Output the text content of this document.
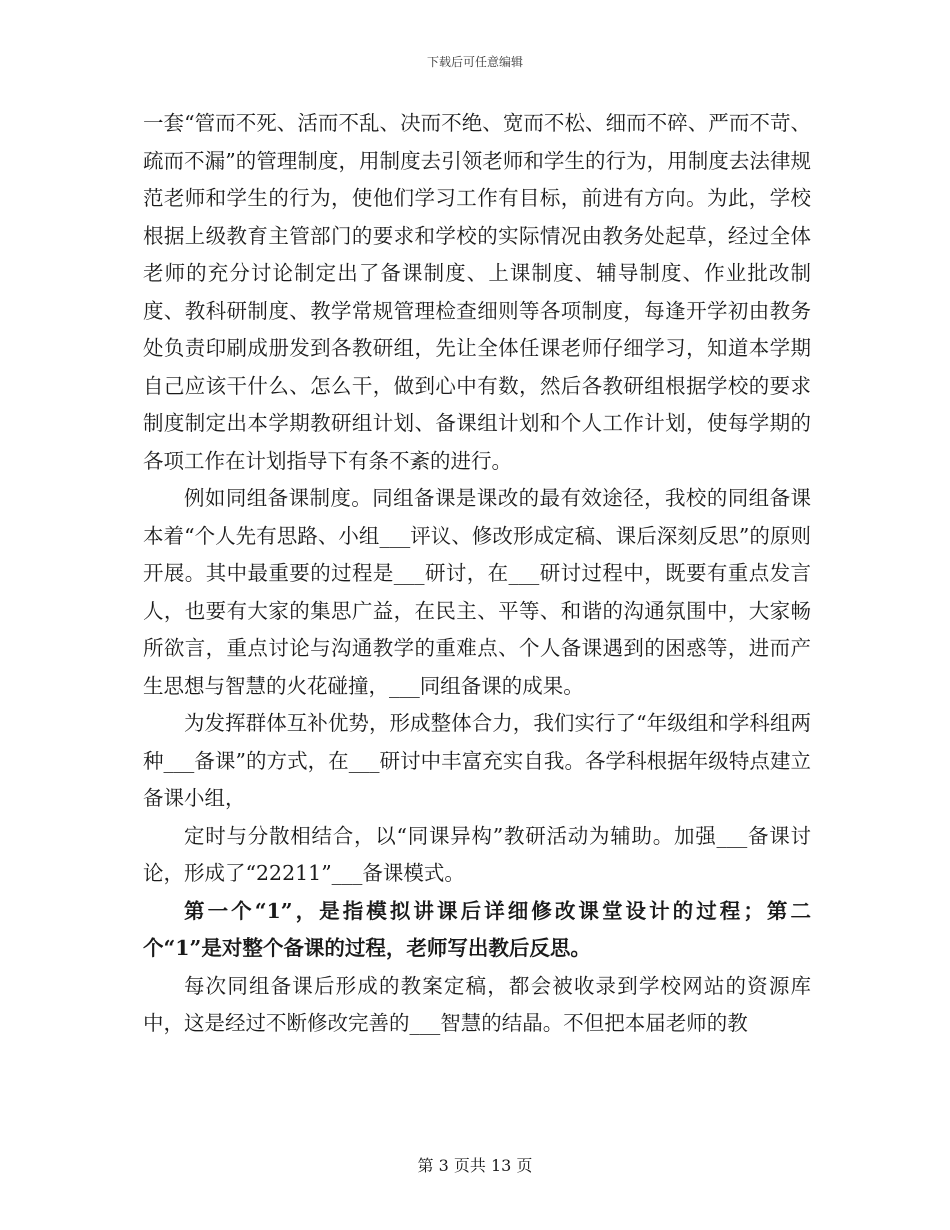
下载后可任意编辑

一套“管而不死、活而不乱、决而不绝、宽而不松、细而不碎、严而不苛、疏而不漏”的管理制度，用制度去引领老师和学生的行为，用制度去法律规范老师和学生的行为，使他们学习工作有目标，前进有方向。为此，学校根据上级教育主管部门的要求和学校的实际情况由教务处起草，经过全体老师的充分讨论制定出了备课制度、上课制度、辅导制度、作业批改制度、教科研制度、教学常规管理检查细则等各项制度，每逢开学初由教务处负责印刷成册发到各教研组，先让全体任课老师仔细学习，知道本学期自己应该干什么、怎么干，做到心中有数，然后各教研组根据学校的要求制度制定出本学期教研组计划、备课组计划和个人工作计划，使每学期的各项工作在计划指导下有条不紊的进行。

例如同组备课制度。同组备课是课改的最有效途径，我校的同组备课本着“个人先有思路、小组___评议、修改形成定稿、课后深刻反思”的原则开展。其中最重要的过程是___研讨，在___研讨过程中，既要有重点发言人，也要有大家的集思广益，在民主、平等、和谐的沟通氛围中，大家畅所欲言，重点讨论与沟通教学的重难点、个人备课遇到的困惑等，进而产生思想与智慧的火花碰撞，___同组备课的成果。

为发挥群体互补优势，形成整体合力，我们实行了“年级组和学科组两种___备课”的方式，在___研讨中丰富充实自我。各学科根据年级特点建立备课小组，

定时与分散相结合，以“同课异构”教研活动为辅助。加强___备课讨论，形成了“22211”___备课模式。

第一个“1”，是指模拟讲课后详细修改课堂设计的过程；第二个“1”是对整个备课的过程，老师写出教后反思。

每次同组备课后形成的教案定稿，都会被收录到学校网站的资源库中，这是经过不断修改完善的___智慧的结晶。不但把本届老师的教

第 3 页共 13 页
